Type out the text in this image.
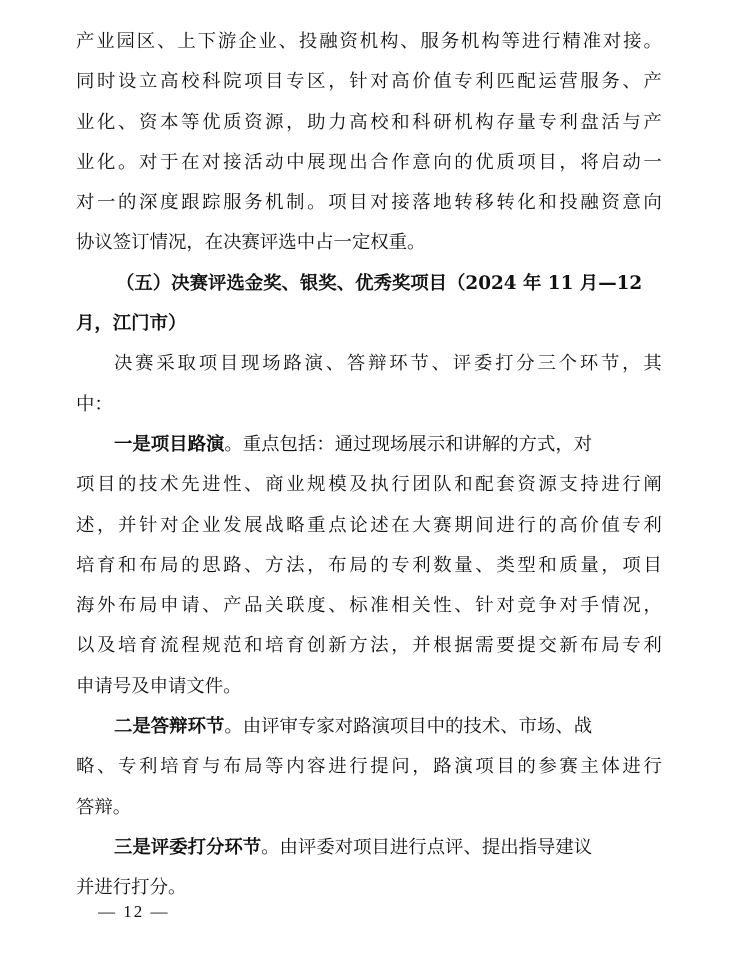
产 业 园 区 、 上 下 游 企 业 、 投 融 资 机 构 、 服 务 机 构 等 进 行 精 准 对 接 。
同 时 设 立 高 校 科 院 项 目 专 区 ， 针 对 高 价 值 专 利 匹 配 运 营 服 务 、 产
业 化 、 资 本 等 优 质 资 源 ， 助 力 高 校 和 科 研 机 构 存 量 专 利 盘 活 与 产
业 化 。 对 于 在 对 接 活 动 中 展 现 出 合 作 意 向 的 优 质 项 目 ， 将 启 动 一
对 一 的 深 度 跟 踪 服 务 机 制 。 项 目 对 接 落 地 转 移 转 化 和 投 融 资 意 向
协议签订情况，在决赛评选中占一定权重。
（五）决赛评选金奖、银奖、优秀奖项目（2024 年 11 月—12
月，江门市）
决 赛 采 取 项 目 现 场 路 演 、 答 辩 环 节 、 评 委 打 分 三 个 环 节 ， 其
中：
一是项目路演。重点包括：通过现场展示和讲解的方式，对
项 目 的 技 术 先 进 性 、 商 业 规 模 及 执 行 团 队 和 配 套 资 源 支 持 进 行 阐
述 ， 并 针 对 企 业 发 展 战 略 重 点 论 述 在 大 赛 期 间 进 行 的 高 价 值 专 利
培 育 和 布 局 的 思 路 、 方 法 ， 布 局 的 专 利 数 量 、 类 型 和 质 量 ， 项 目
海 外 布 局 申 请 、 产 品 关 联 度 、 标 准 相 关 性 、 针 对 竞 争 对 手 情 况 ，
以 及 培 育 流 程 规 范 和 培 育 创 新 方 法 ， 并 根 据 需 要 提 交 新 布 局 专 利
申请号及申请文件。
二是答辩环节。由评审专家对路演项目中的技术、市场、战
略 、 专 利 培 育 与 布 局 等 内 容 进 行 提 问 ， 路 演 项 目 的 参 赛 主 体 进 行
答辩。
三是评委打分环节。由评委对项目进行点评、提出指导建议
并进行打分。
— 12 —
